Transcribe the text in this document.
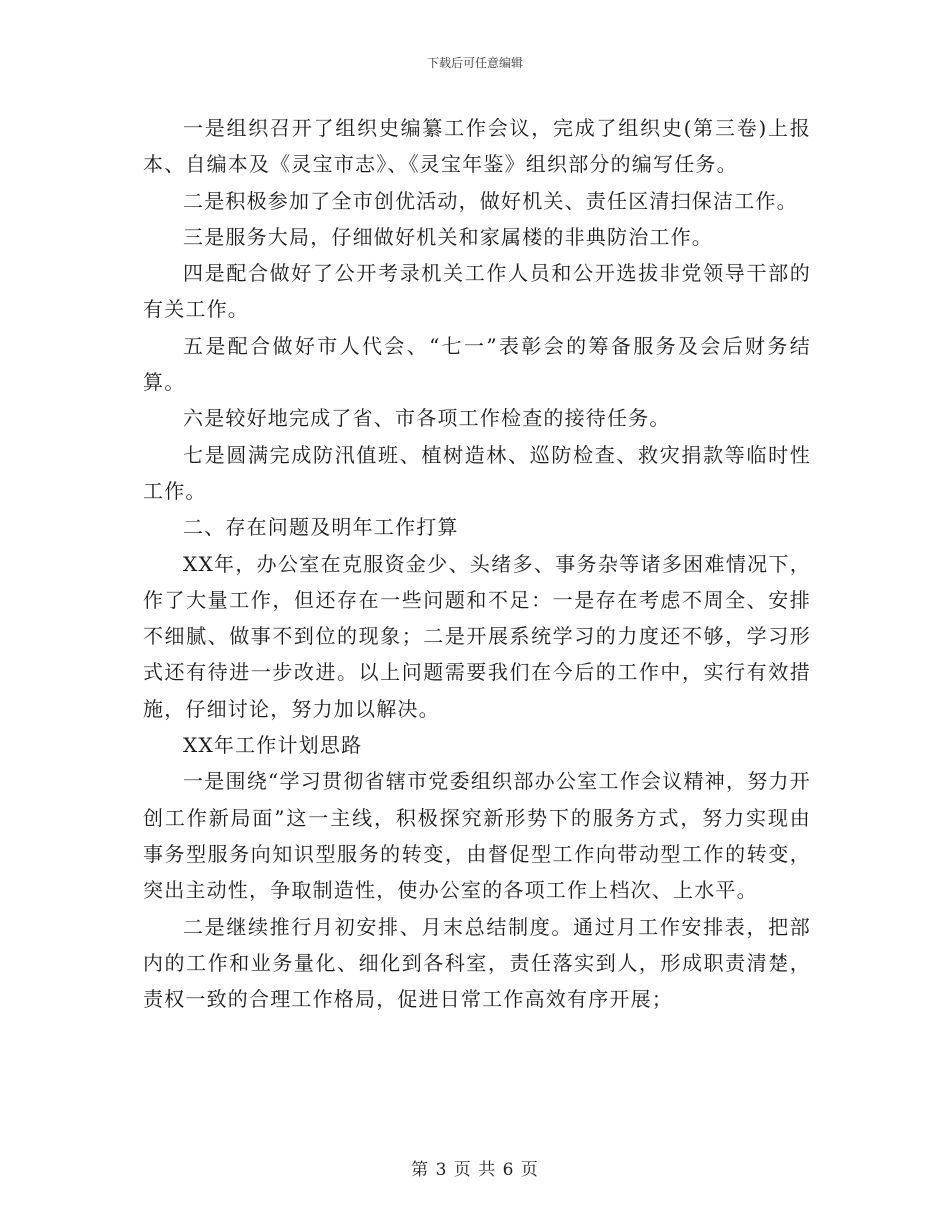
下载后可任意编辑

一是组织召开了组织史编纂工作会议，完成了组织史(第三卷)上报本、自编本及《灵宝市志》、《灵宝年鉴》组织部分的编写任务。

二是积极参加了全市创优活动，做好机关、责任区清扫保洁工作。

三是服务大局，仔细做好机关和家属楼的非典防治工作。

四是配合做好了公开考录机关工作人员和公开选拔非党领导干部的有关工作。

五是配合做好市人代会、“七一”表彰会的筹备服务及会后财务结算。

六是较好地完成了省、市各项工作检查的接待任务。

七是圆满完成防汛值班、植树造林、巡防检查、救灾捐款等临时性工作。

二、存在问题及明年工作打算

XX年，办公室在克服资金少、头绪多、事务杂等诸多困难情况下，作了大量工作，但还存在一些问题和不足：一是存在考虑不周全、安排不细腻、做事不到位的现象；二是开展系统学习的力度还不够，学习形式还有待进一步改进。以上问题需要我们在今后的工作中，实行有效措施，仔细讨论，努力加以解决。

XX年工作计划思路

一是围绕“学习贯彻省辖市党委组织部办公室工作会议精神，努力开创工作新局面”这一主线，积极探究新形势下的服务方式，努力实现由事务型服务向知识型服务的转变，由督促型工作向带动型工作的转变，突出主动性，争取制造性，使办公室的各项工作上档次、上水平。

二是继续推行月初安排、月末总结制度。通过月工作安排表，把部内的工作和业务量化、细化到各科室，责任落实到人，形成职责清楚，责权一致的合理工作格局，促进日常工作高效有序开展；

第 3 页 共 6 页
